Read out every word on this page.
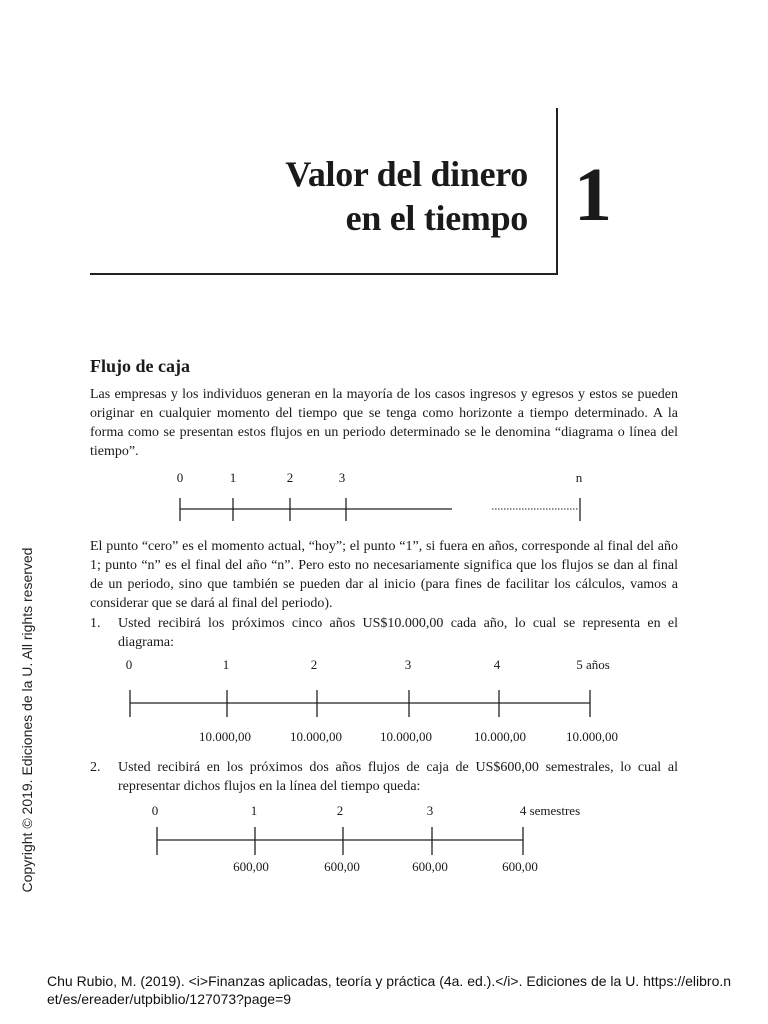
Valor del dinero
en el tiempo 1
Flujo de caja

Las empresas y los individuos generan en la mayoría de los casos ingresos y egresos y estos se pueden originar en cualquier momento del tiempo que se tenga como horizonte a tiempo determinado. A la forma como se presentan estos flujos en un periodo determinado se le denomina “diagrama o línea del tiempo”.

0	1	2	3	n

El punto “cero” es el momento actual, “hoy”; el punto “1”, si fuera en años, corresponde al final del año 1; punto “n” es el final del año “n”. Pero esto no necesariamente significa que los flujos se dan al final de un periodo, sino que también se pueden dar al inicio (para fines de facilitar los cálculos, vamos a considerar que se dará al final del periodo).

1. Usted recibirá los próximos cinco años US$10.000,00 cada año, lo cual se representa en el diagrama:
0	1	2	3	4	5 años
10.000,00	10.000,00	10.000,00	10.000,00	10.000,00
2. Usted recibirá en los próximos dos años flujos de caja de US$600,00 semestrales, lo cual al representar dichos flujos en la línea del tiempo queda:
0	1	2	3	4 semestres
600,00	600,00	600,00	600,00
Copyright © 2019. Ediciones de la U. All rights reserved

Chu Rubio, M. (2019). <i>Finanzas aplicadas, teoría y práctica (4a. ed.).</i>. Ediciones de la U. https://elibro.net/es/ereader/utpbiblio/127073?page=9
